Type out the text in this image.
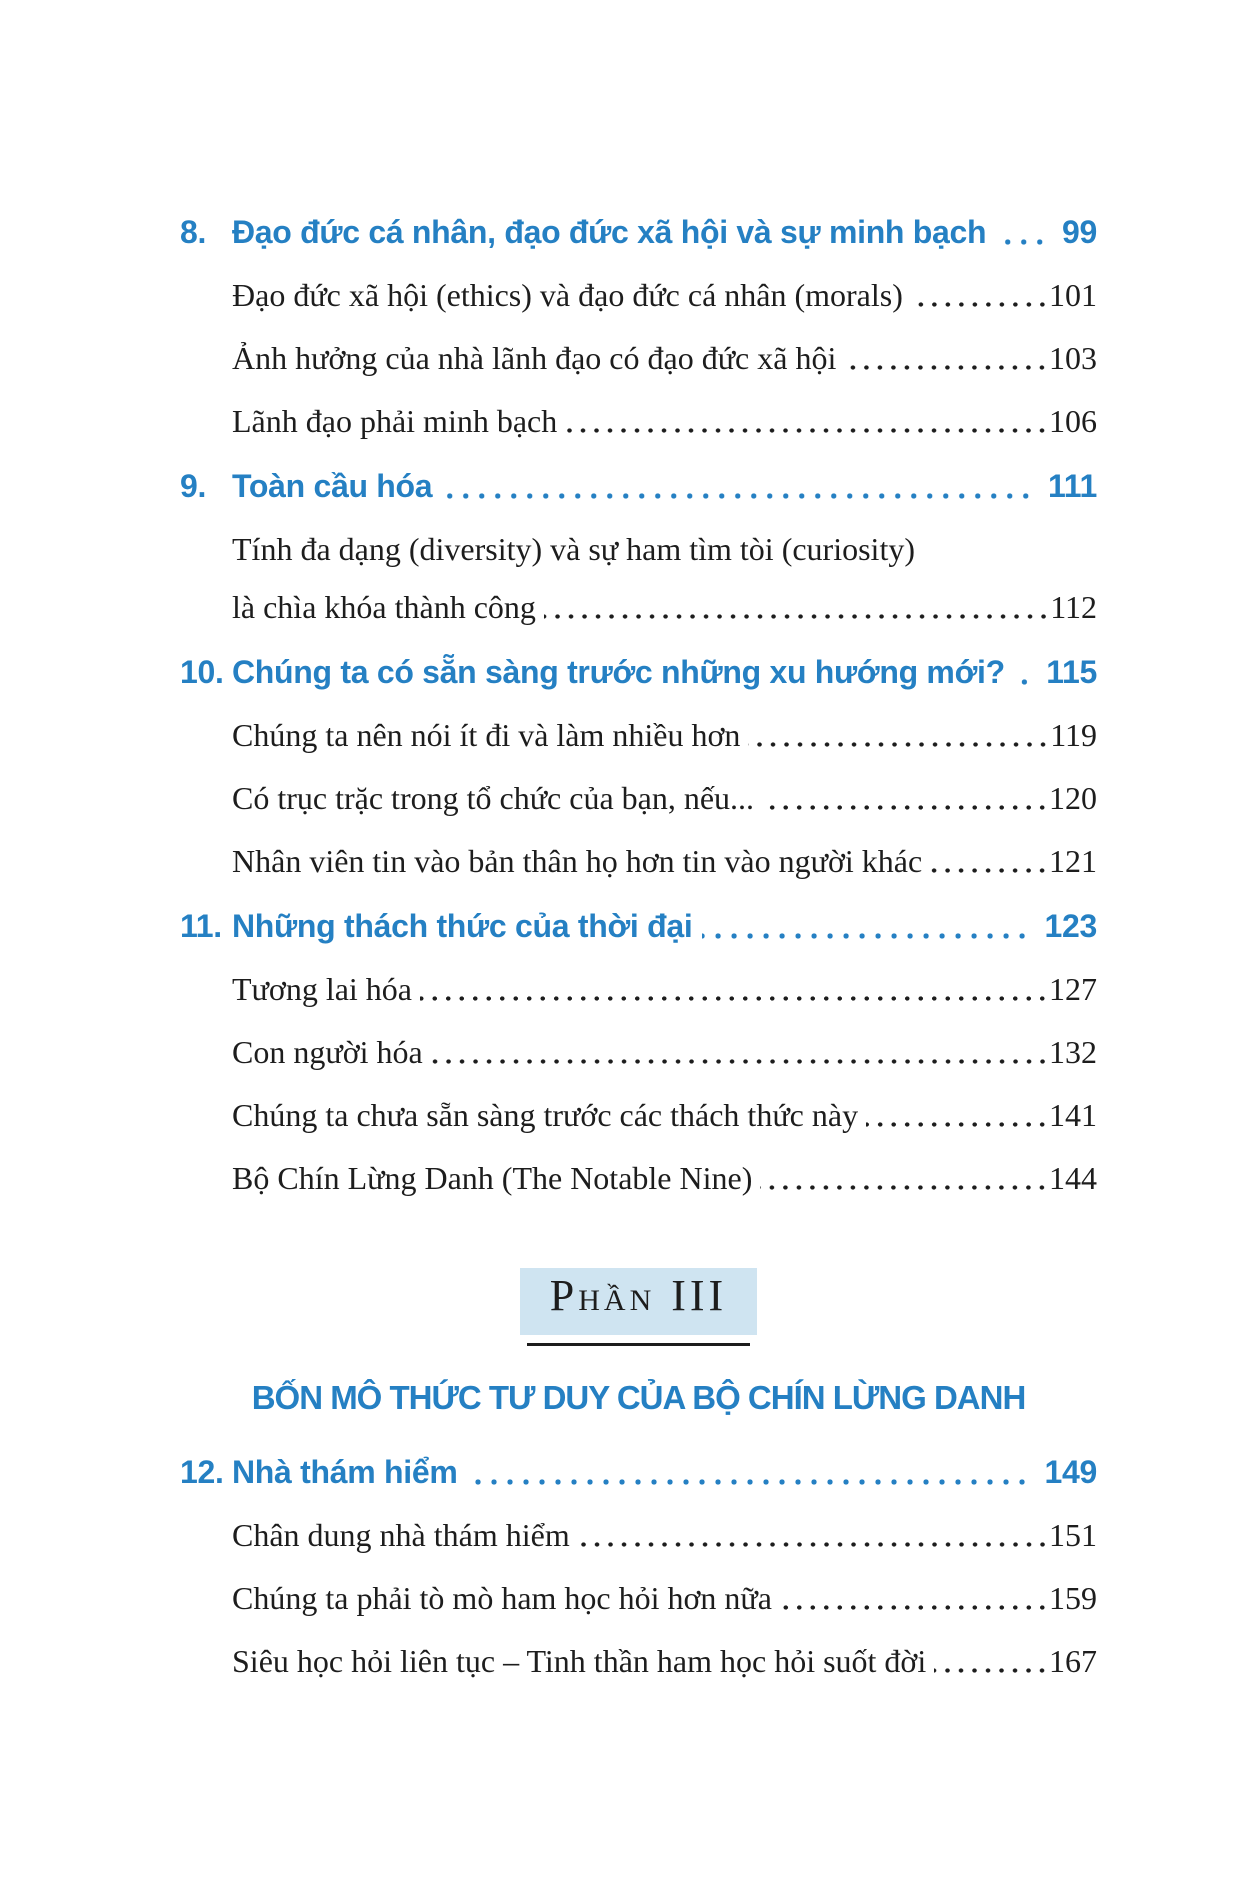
8. Đạo đức cá nhân, đạo đức xã hội và sự minh bạch 99
Đạo đức xã hội (ethics) và đạo đức cá nhân (morals)	101
Ảnh hưởng của nhà lãnh đạo có đạo đức xã hội	103
Lãnh đạo phải minh bạch	106
9. Toàn cầu hóa	111
Tính đa dạng (diversity) và sự ham tìm tòi (curiosity)
là chìa khóa thành công	112
10. Chúng ta có sẵn sàng trước những xu hướng mới? 115
Chúng ta nên nói ít đi và làm nhiều hơn	119
Có trục trặc trong tổ chức của bạn, nếu...	120
Nhân viên tin vào bản thân họ hơn tin vào người khác	121
11. Những thách thức của thời đại	123
Tương lai hóa	127
Con người hóa	132
Chúng ta chưa sẵn sàng trước các thách thức này	141
Bộ Chín Lừng Danh (The Notable Nine)	144
P HẦN III
BỐN MÔ THỨC TƯ DUY CỦA BỘ CHÍN LỪNG DANH
12. Nhà thám hiểm	149
Chân dung nhà thám hiểm	151
Chúng ta phải tò mò ham học hỏi hơn nữa	159
Siêu học hỏi liên tục – Tinh thần ham học hỏi suốt đời	167
